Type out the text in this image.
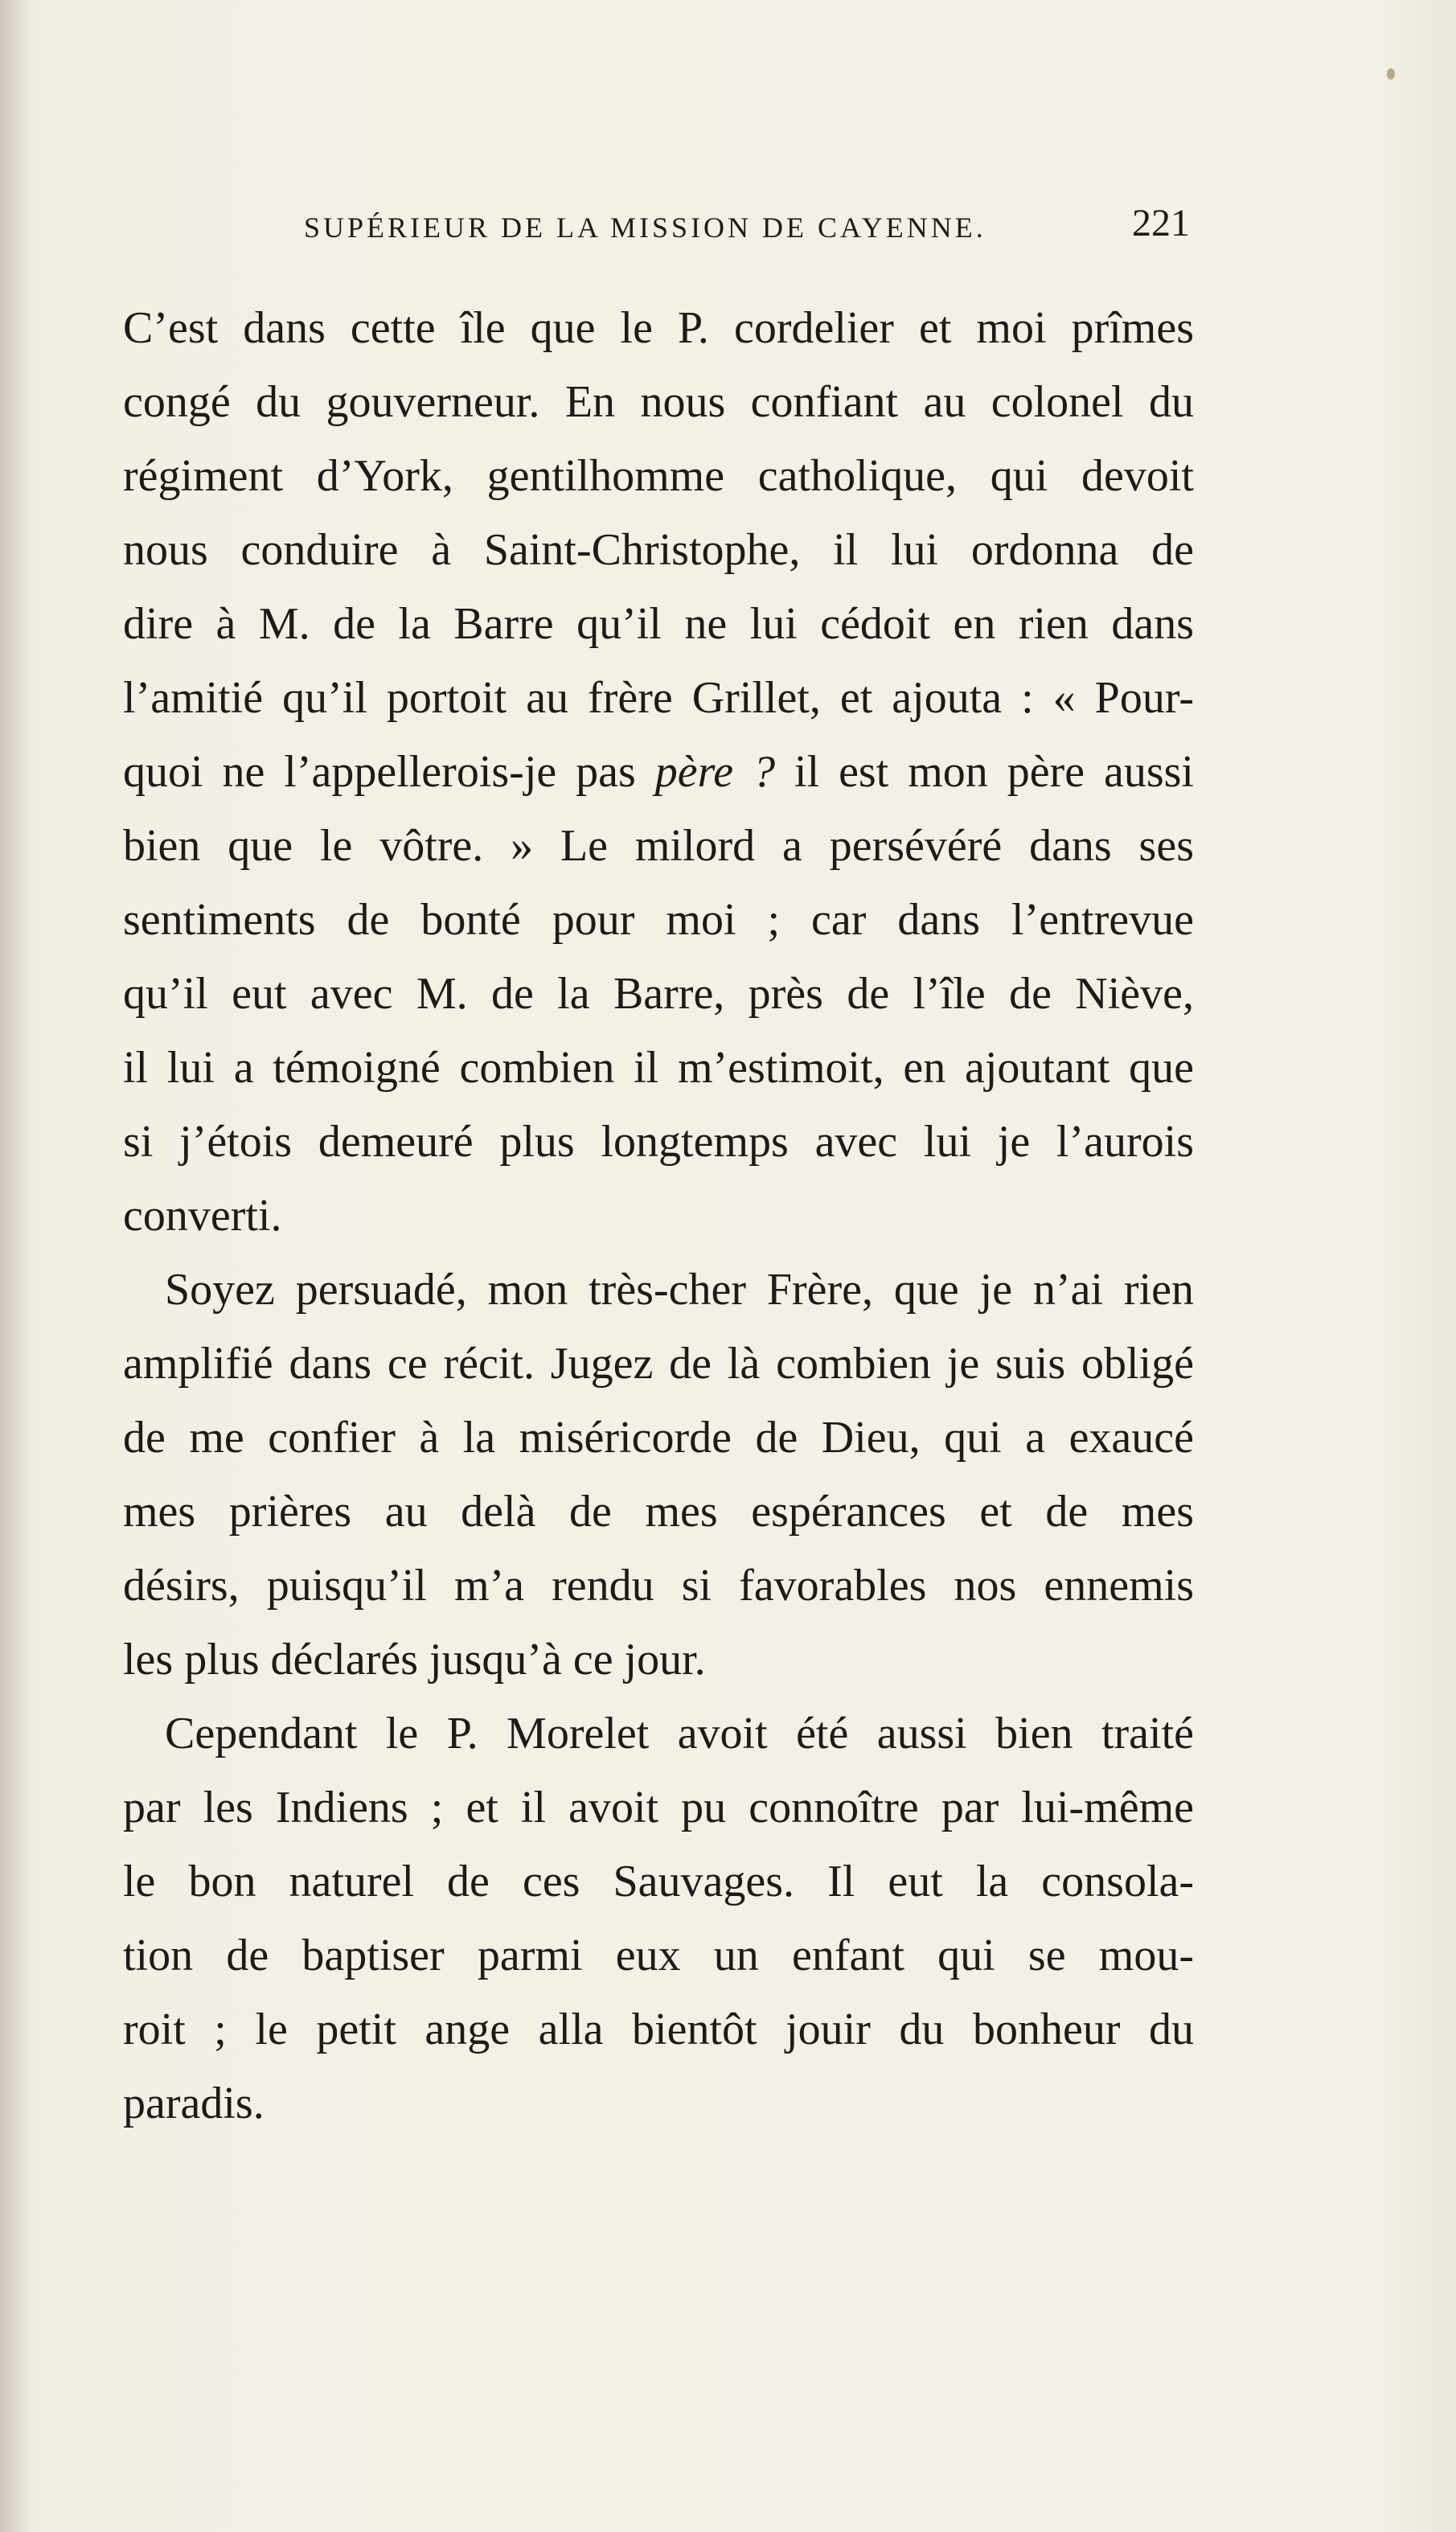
SUPÉRIEUR DE LA MISSION DE CAYENNE.	221
C’est dans cette île que le P. cordelier et moi prîmes
congé du gouverneur. En nous confiant au colonel du
régiment d’York, gentilhomme catholique, qui devoit
nous conduire à Saint-Christophe, il lui ordonna de
dire à M. de la Barre qu’il ne lui cédoit en rien dans
l’amitié qu’il portoit au frère Grillet, et ajouta : « Pour-
quoi ne l’appellerois-je pas père ? il est mon père aussi
bien que le vôtre. » Le milord a persévéré dans ses
sentiments de bonté pour moi ; car dans l’entrevue
qu’il eut avec M. de la Barre, près de l’île de Niève,
il lui a témoigné combien il m’estimoit, en ajoutant que
si j’étois demeuré plus longtemps avec lui je l’aurois
converti.
Soyez persuadé, mon très-cher Frère, que je n’ai rien
amplifié dans ce récit. Jugez de là combien je suis obligé
de me confier à la miséricorde de Dieu, qui a exaucé
mes prières au delà de mes espérances et de mes
désirs, puisqu’il m’a rendu si favorables nos ennemis
les plus déclarés jusqu’à ce jour.
Cependant le P. Morelet avoit été aussi bien traité
par les Indiens ; et il avoit pu connoître par lui-même
le bon naturel de ces Sauvages. Il eut la consola-
tion de baptiser parmi eux un enfant qui se mou-
roit ; le petit ange alla bientôt jouir du bonheur du
paradis.
